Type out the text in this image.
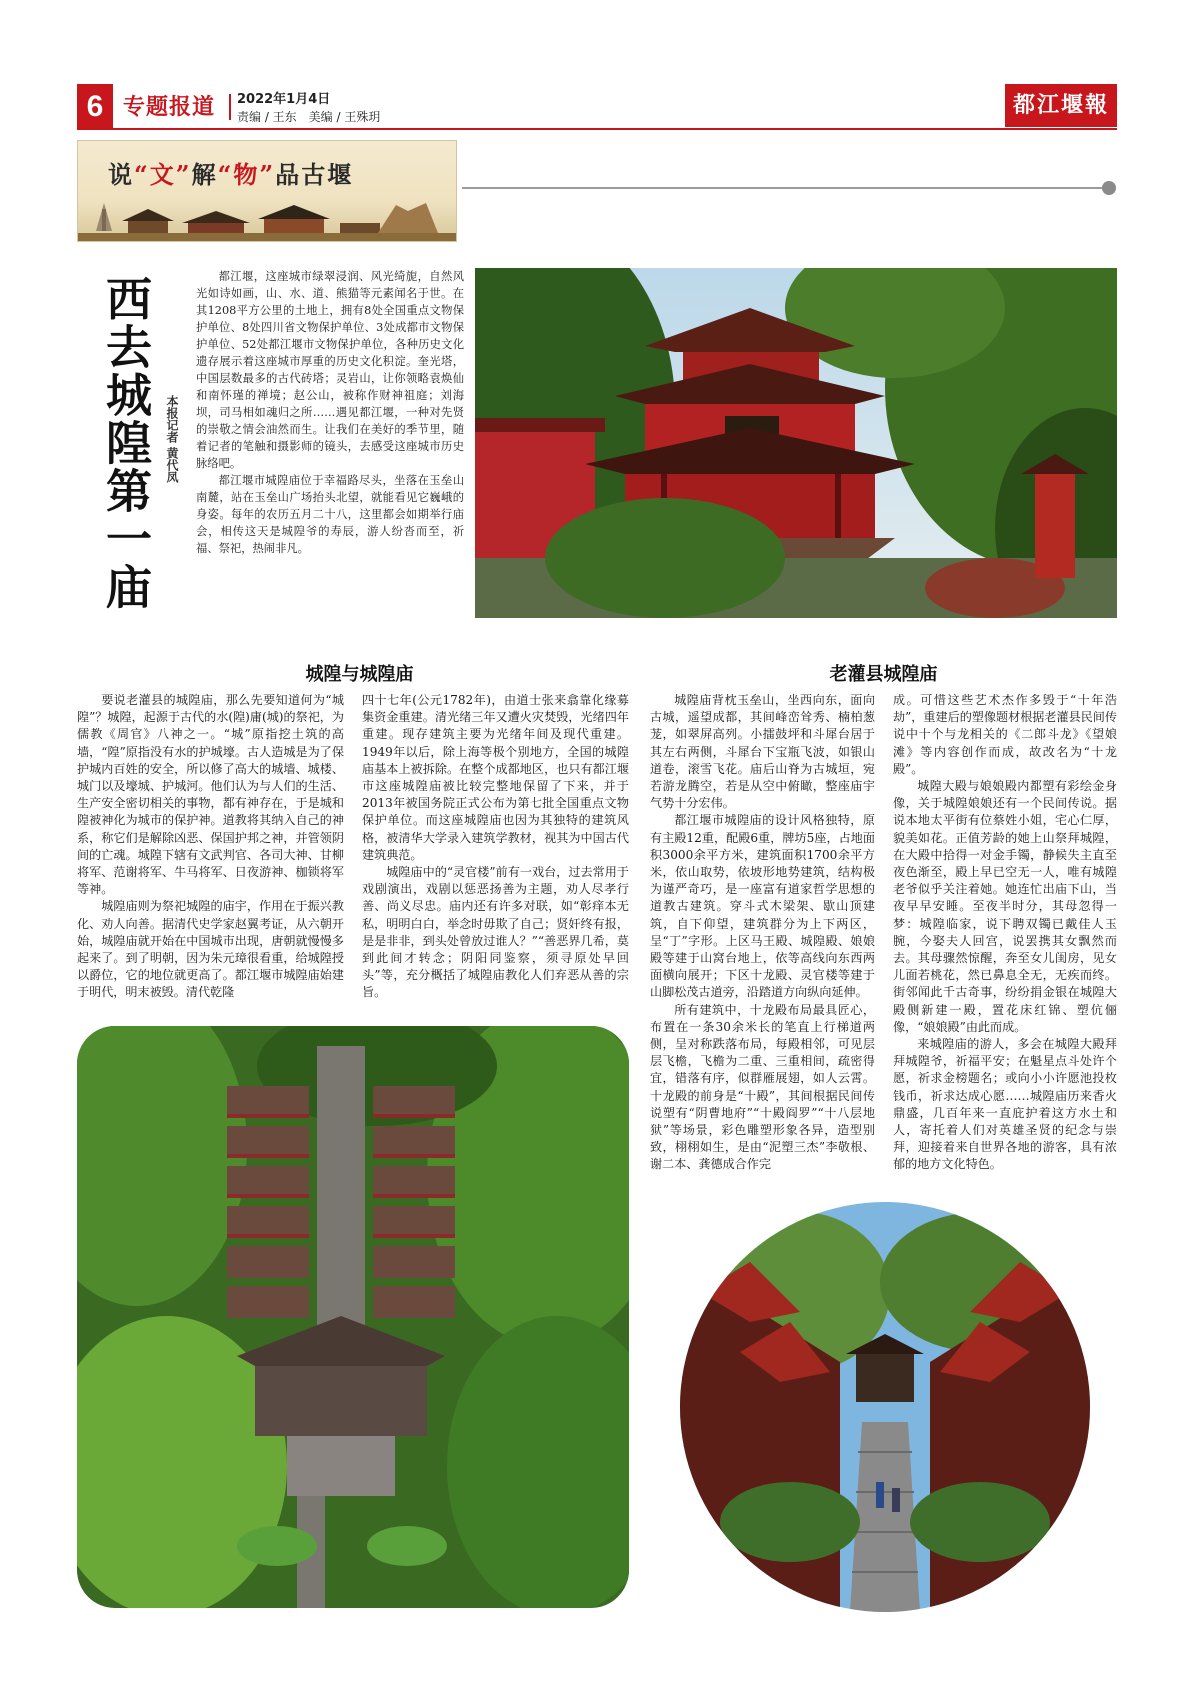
6 专题报道 2022年1月4日
责编 / 王东　美编 / 王殊玥	都江堰報
说“文”解“物”品古堰
西去城隍第一庙	本报记者 黄代凤

都江堰，这座城市绿翠浸润、风光绮旎，自然风光如诗如画，山、水、道、熊猫等元素闻名于世。在其1208平方公里的土地上，拥有8处全国重点文物保护单位、8处四川省文物保护单位、3处成都市文物保护单位、52处都江堰市文物保护单位，各种历史文化遗存展示着这座城市厚重的历史文化积淀。奎光塔，中国层数最多的古代砖塔；灵岩山，让你领略袁焕仙和南怀瑾的禅境；赵公山，被称作财神祖庭；刘海坝，司马相如魂归之所……遇见都江堰，一种对先贤的崇敬之情会油然而生。让我们在美好的季节里，随着记者的笔触和摄影师的镜头，去感受这座城市历史脉络吧。

都江堰市城隍庙位于幸福路尽头，坐落在玉垒山南麓，站在玉垒山广场抬头北望，就能看见它巍峨的身姿。每年的农历五月二十八，这里都会如期举行庙会，相传这天是城隍爷的寿辰，游人纷沓而至，祈福、祭祀，热闹非凡。

城隍与城隍庙

要说老灌县的城隍庙，那么先要知道何为“城隍”？城隍，起源于古代的水(隍)庸(城)的祭祀，为儒教《周官》八神之一。“城”原指挖土筑的高墙，“隍”原指没有水的护城壕。古人造城是为了保护城内百姓的安全，所以修了高大的城墙、城楼、城门以及壕城、护城河。他们认为与人们的生活、生产安全密切相关的事物，都有神存在，于是城和隍被神化为城市的保护神。道教将其纳入自己的神系，称它们是解除凶恶、保国护邦之神，并管领阴间的亡魂。城隍下辖有文武判官、各司大神、甘柳将军、范谢将军、牛马将军、日夜游神、枷锁将军等神。

城隍庙则为祭祀城隍的庙宇，作用在于振兴教化、劝人向善。据清代史学家赵翼考证，从六朝开始，城隍庙就开始在中国城市出现，唐朝就慢慢多起来了。到了明朝，因为朱元璋很看重，给城隍授以爵位，它的地位就更高了。都江堰市城隍庙始建于明代，明末被毁。清代乾隆

四十七年(公元1782年)，由道士张来翕靠化缘募集资金重建。清光绪三年又遭火灾焚毁，光绪四年重建。现存建筑主要为光绪年间及现代重建。1949年以后，除上海等极个别地方，全国的城隍庙基本上被拆除。在整个成都地区，也只有都江堰市这座城隍庙被比较完整地保留了下来，并于2013年被国务院正式公布为第七批全国重点文物保护单位。而这座城隍庙也因为其独特的建筑风格，被清华大学录入建筑学教材，视其为中国古代建筑典范。

城隍庙中的“灵官楼”前有一戏台，过去常用于戏剧演出，戏剧以惩恶扬善为主题，劝人尽孝行善、尚义尽忠。庙内还有许多对联，如“彰痒本无私，明明白白，举念时毋欺了自己；贤奸终有报，是是非非，到头处曾放过谁人？”“善恶界几希，莫到此间才转念；阴阳同鉴察，须寻原处早回头”等，充分概括了城隍庙教化人们弃恶从善的宗旨。

老灌县城隍庙

城隍庙背枕玉垒山，坐西向东，面向古城，遥望成都，其间峰峦耸秀、楠柏葱茏，如翠屏高列。小擂鼓坪和斗犀台居于其左右两侧，斗犀台下宝瓶飞波，如银山道卷，滚雪飞花。庙后山脊为古城垣，宛若游龙腾空，若是从空中俯瞰，整座庙宇气势十分宏伟。

都江堰市城隍庙的设计风格独特，原有主殿12重，配殿6重，牌坊5座，占地面积3000余平方米，建筑面积1700余平方米，依山取势，依坡形地势建筑，结构极为谨严奇巧，是一座富有道家哲学思想的道教古建筑。穿斗式木梁架、歇山顶建筑，自下仰望，建筑群分为上下两区，呈“丁”字形。上区马王殿、城隍殿、娘娘殿等建于山窝台地上，依等高线向东西两面横向展开；下区十龙殿、灵官楼等建于山脚松茂古道旁，沿踏道方向纵向延伸。

所有建筑中，十龙殿布局最具匠心，布置在一条30余米长的笔直上行梯道两侧，呈对称跌落布局，每殿相邻，可见层层飞檐，飞檐为二重、三重相间，疏密得宜，错落有序，似群雁展翅，如人云霄。十龙殿的前身是“十殿”，其间根据民间传说塑有“阴曹地府”“十殿阎罗”“十八层地狱”等场景，彩色雕塑形象各异，造型别致，栩栩如生，是由“泥塑三杰”李敬根、谢二本、龚德成合作完

成。可惜这些艺术杰作多毁于“十年浩劫”，重建后的塑像题材根据老灌县民间传说中十个与龙相关的《二郎斗龙》《望娘滩》等内容创作而成，故改名为“十龙殿”。

城隍大殿与娘娘殿内都塑有彩绘金身像，关于城隍娘娘还有一个民间传说。据说本地太平街有位蔡姓小姐，宅心仁厚，貌美如花。正值芳龄的她上山祭拜城隍，在大殿中拾得一对金手镯，静候失主直至夜色渐至，殿上早已空无一人，唯有城隍老爷似乎关注着她。她连忙出庙下山，当夜早早安睡。至夜半时分，其母忽得一梦：城隍临家，说下聘双镯已戴佳人玉腕，今娶夫人回宫，说罢携其女飘然而去。其母骤然惊醒，奔至女儿闺房，见女儿面若桃花，然已鼻息全无，无疾而终。街邻闻此千古奇事，纷纷捐金银在城隍大殿侧新建一殿，置花床红锦、塑伉俪像，“娘娘殿”由此而成。

来城隍庙的游人，多会在城隍大殿拜拜城隍爷，祈福平安；在魁星点斗处许个愿，祈求金榜题名；或向小小许愿池投枚钱币，祈求达成心愿……城隍庙历来香火鼎盛，几百年来一直庇护着这方水土和人，寄托着人们对英雄圣贤的纪念与崇拜，迎接着来自世界各地的游客，具有浓郁的地方文化特色。
